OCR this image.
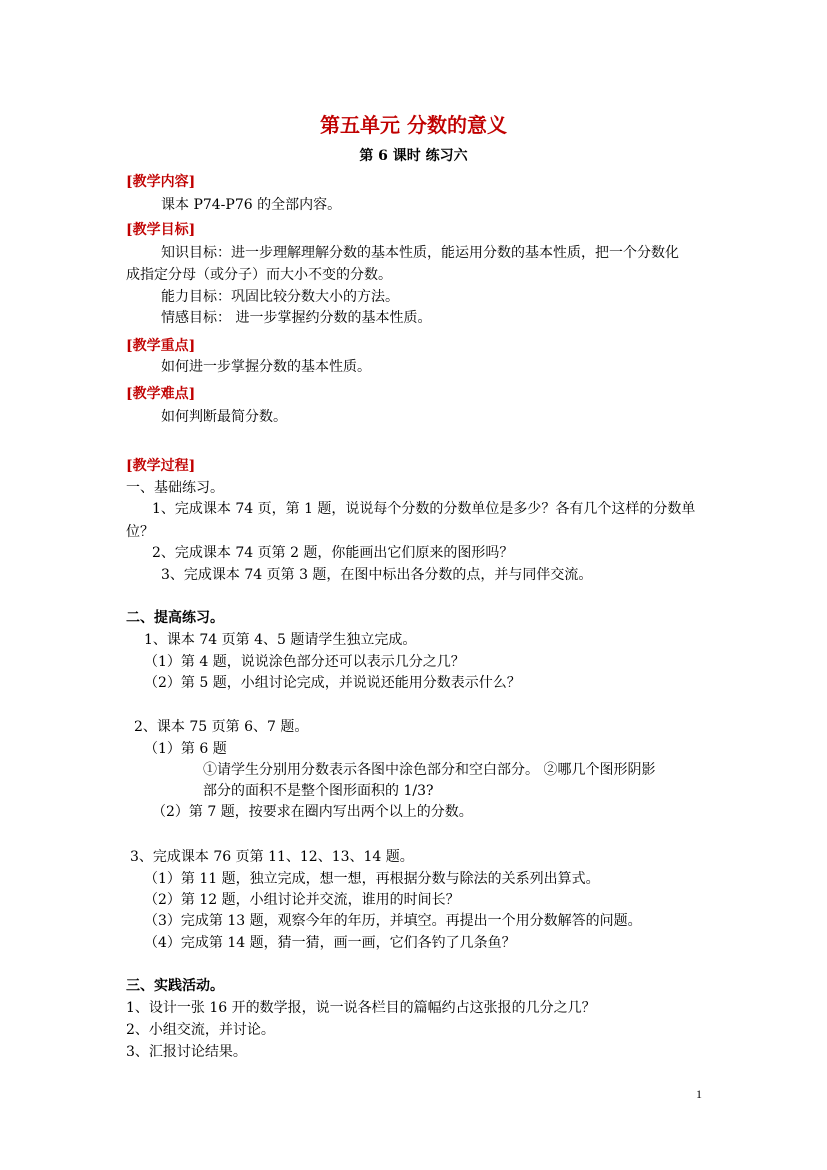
第五单元 分数的意义
第 6 课时 练习六
[教学内容]
课本 P74-P76 的全部内容。
[教学目标]
知识目标：进一步理解理解分数的基本性质，能运用分数的基本性质，把一个分数化
成指定分母（或分子）而大小不变的分数。
能力目标：巩固比较分数大小的方法。
情感目标： 进一步掌握约分数的基本性质。
[教学重点]
如何进一步掌握分数的基本性质。
[教学难点]
如何判断最简分数。
[教学过程]
一、基础练习。
1、完成课本 74 页，第 1 题，说说每个分数的分数单位是多少？各有几个这样的分数单
位？
2、完成课本 74 页第 2 题，你能画出它们原来的图形吗？
3、完成课本 74 页第 3 题，在图中标出各分数的点，并与同伴交流。
二、提高练习。
1、课本 74 页第 4、5 题请学生独立完成。
（1）第 4 题，说说涂色部分还可以表示几分之几？
（2）第 5 题，小组讨论完成，并说说还能用分数表示什么？
2、课本 75 页第 6、7 题。
（1）第 6 题
①请学生分别用分数表示各图中涂色部分和空白部分。 ②哪几个图形阴影
部分的面积不是整个图形面积的 1/3?
（2）第 7 题，按要求在圈内写出两个以上的分数。
3、完成课本 76 页第 11、12、13、14 题。
（1）第 11 题，独立完成，想一想，再根据分数与除法的关系列出算式。
（2）第 12 题，小组讨论并交流，谁用的时间长？
（3）完成第 13 题，观察今年的年历，并填空。再提出一个用分数解答的问题。
（4）完成第 14 题，猜一猜，画一画，它们各钓了几条鱼？
三、实践活动。
1、设计一张 16 开的数学报，说一说各栏目的篇幅约占这张报的几分之几？
2、小组交流，并讨论。
3、汇报讨论结果。
1
